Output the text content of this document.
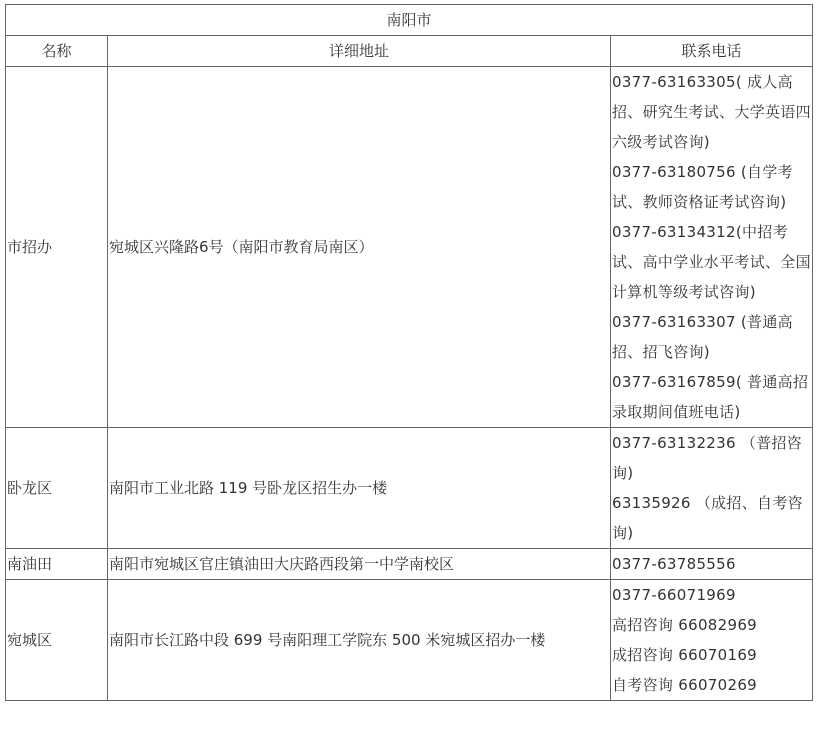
南阳市		
名称	详细地址	联系电话
市招办	宛城区兴隆路6号（南阳市教育局南区）	0377-63163305( 成人高招、研究生考试、大学英语四六级考试咨询)

0377-63180756 (自学考试、教师资格证考试咨询)

0377-63134312(中招考试、高中学业水平考试、全国计算机等级考试咨询)

0377-63163307 (普通高招、招飞咨询)

0377-63167859( 普通高招录取期间值班电话)

卧龙区	南阳市工业北路 119 号卧龙区招生办一楼	0377-63132236 （普招咨询)

63135926 （成招、自考咨询)

南油田	南阳市宛城区官庄镇油田大庆路西段第一中学南校区	0377-63785556

宛城区	南阳市长江路中段 699 号南阳理工学院东 500 米宛城区招办一楼	0377-66071969

高招咨询 66082969

成招咨询 66070169

自考咨询 66070269
